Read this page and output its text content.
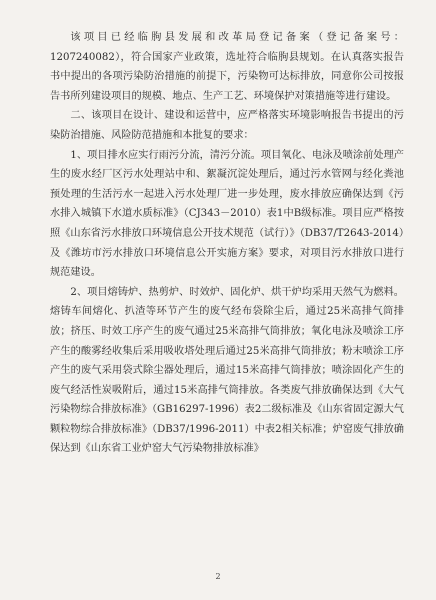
该项目已经临朐县发展和改革局登记备案（登记备案号：1207240082），符合国家产业政策，选址符合临朐县规划。在认真落实报告书中提出的各项污染防治措施的前提下，污染物可达标排放，同意你公司按报告书所列建设项目的规模、地点、生产工艺、环境保护对策措施等进行建设。

二、该项目在设计、建设和运营中，应严格落实环境影响报告书提出的污染防治措施、风险防范措施和本批复的要求：

1、项目排水应实行雨污分流，清污分流。项目氧化、电泳及喷涂前处理产生的废水经厂区污水处理站中和、絮凝沉淀处理后，通过污水管网与经化粪池预处理的生活污水一起进入污水处理厂进一步处理，废水排放应确保达到《污水排入城镇下水道水质标准》（CJ343－2010）表1中B级标准。项目应严格按照《山东省污水排放口环境信息公开技术规范（试行）》（DB37/T2643-2014）及《潍坊市污水排放口环境信息公开实施方案》要求，对项目污水排放口进行规范建设。

2、项目熔铸炉、热剪炉、时效炉、固化炉、烘干炉均采用天然气为燃料。熔铸车间熔化、扒渣等环节产生的废气经布袋除尘后，通过25米高排气筒排放；挤压、时效工序产生的废气通过25米高排气筒排放；氧化电泳及喷涂工序产生的酸雾经收集后采用吸收塔处理后通过25米高排气筒排放；粉末喷涂工序产生的废气采用袋式除尘器处理后，通过15米高排气筒排放；喷涂固化产生的废气经活性炭吸附后，通过15米高排气筒排放。各类废气排放确保达到《大气污染物综合排放标准》（GB16297-1996）表2二级标准及《山东省固定源大气颗粒物综合排放标准》（DB37/1996-2011）中表2相关标准；炉窑废气排放确保达到《山东省工业炉窑大气污染物排放标准》

2
